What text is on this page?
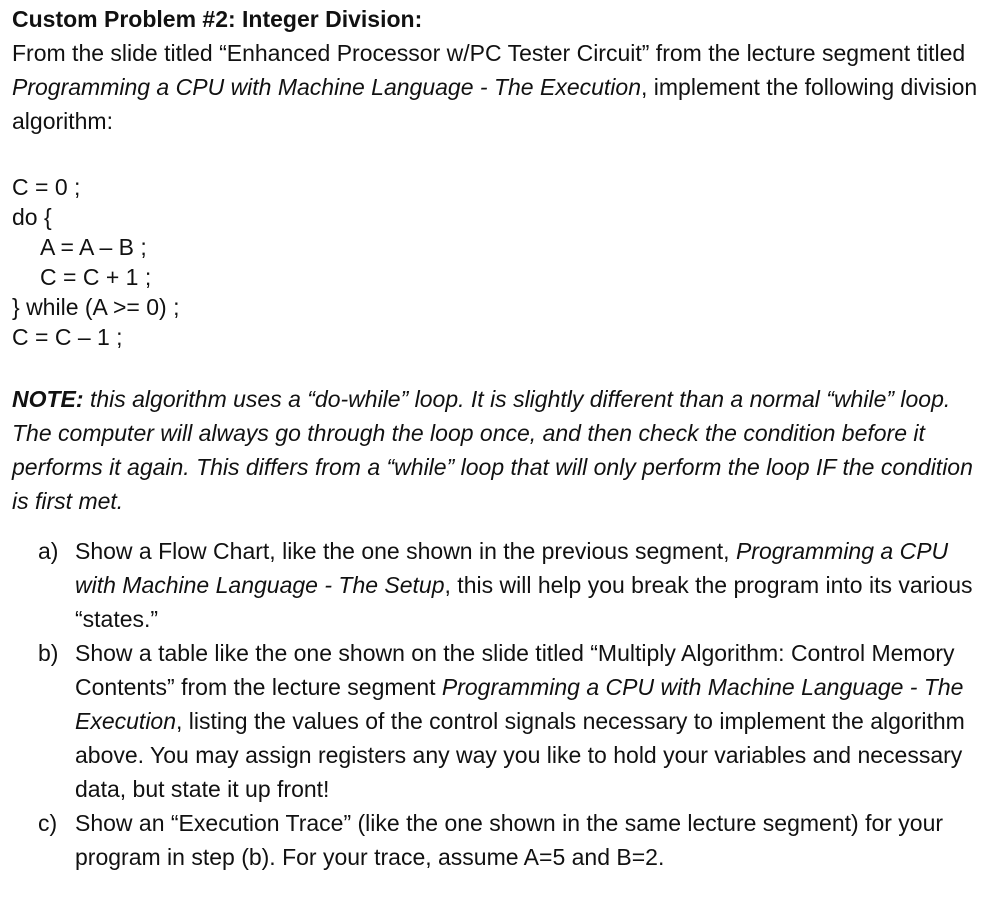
Custom Problem #2: Integer Division:

From the slide titled “Enhanced Processor w/PC Tester Circuit” from the lecture segment titled Programming a CPU with Machine Language - The Execution, implement the following division algorithm:

C = 0 ;
do {
A = A – B ;
C = C + 1 ;
} while (A >= 0) ;
C = C – 1 ;
NOTE: this algorithm uses a “do-while” loop. It is slightly different than a normal “while” loop. The computer will always go through the loop once, and then check the condition before it performs it again. This differs from a “while” loop that will only perform the loop IF the condition is first met.
a) Show a Flow Chart, like the one shown in the previous segment, Programming a CPU with Machine Language - The Setup, this will help you break the program into its various “states.”
b) Show a table like the one shown on the slide titled “Multiply Algorithm: Control Memory Contents” from the lecture segment Programming a CPU with Machine Language - The Execution, listing the values of the control signals necessary to implement the algorithm above. You may assign registers any way you like to hold your variables and necessary data, but state it up front!
c) Show an “Execution Trace” (like the one shown in the same lecture segment) for your program in step (b). For your trace, assume A=5 and B=2.
